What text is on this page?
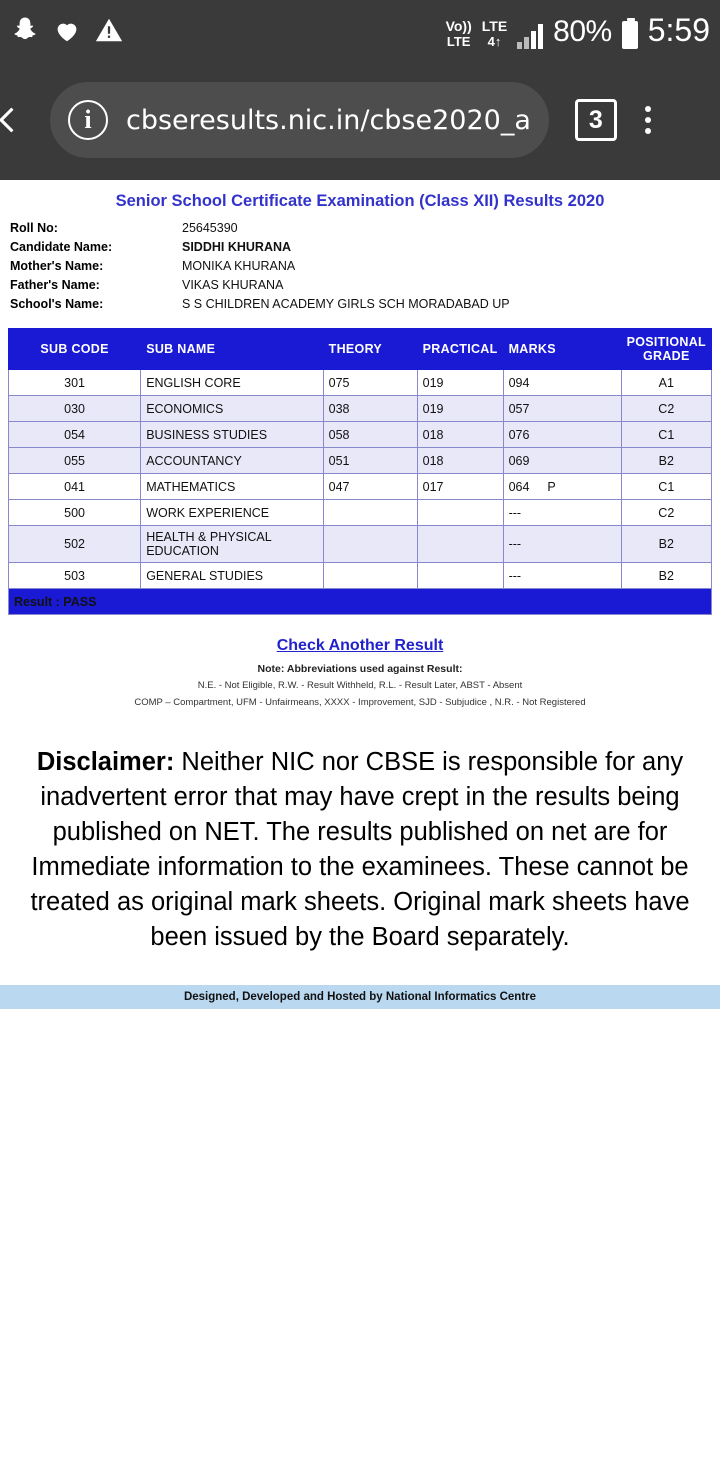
Vo))
LTE
LTE
4↑ 80% 5:59
i	cbseresults.nic.in/cbse2020_a	3
Senior School Certificate Examination (Class XII) Results 2020
Roll No:	25645390
Candidate Name:	SIDDHI KHURANA
Mother's Name:	MONIKA KHURANA
Father's Name:	VIKAS KHURANA
School's Name:	S S CHILDREN ACADEMY GIRLS SCH MORADABAD UP
SUB CODE	SUB NAME	THEORY	PRACTICAL	MARKS	POSITIONAL
GRADE

301	ENGLISH CORE	075	019	094	A1
030	ECONOMICS	038	019	057	C2
054	BUSINESS STUDIES	058	018	076	C1
055	ACCOUNTANCY	051	018	069	B2
041	MATHEMATICS	047	017	064 P	C1
500	WORK EXPERIENCE			---	C2
502	HEALTH & PHYSICAL EDUCATION			---	B2
503	GENERAL STUDIES			---	B2
Result : PASS					
Check Another Result
Note: Abbreviations used against Result:
N.E. - Not Eligible, R.W. - Result Withheld, R.L. - Result Later, ABST - Absent
COMP – Compartment, UFM - Unfairmeans, XXXX - Improvement, SJD - Subjudice , N.R. - Not Registered
Disclaimer: Neither NIC nor CBSE is responsible for any inadvertent error that may have crept in the results being published on NET. The results published on net are for Immediate information to the examinees. These cannot be treated as original mark sheets. Original mark sheets have been issued by the Board separately.
Designed, Developed and Hosted by National Informatics Centre
